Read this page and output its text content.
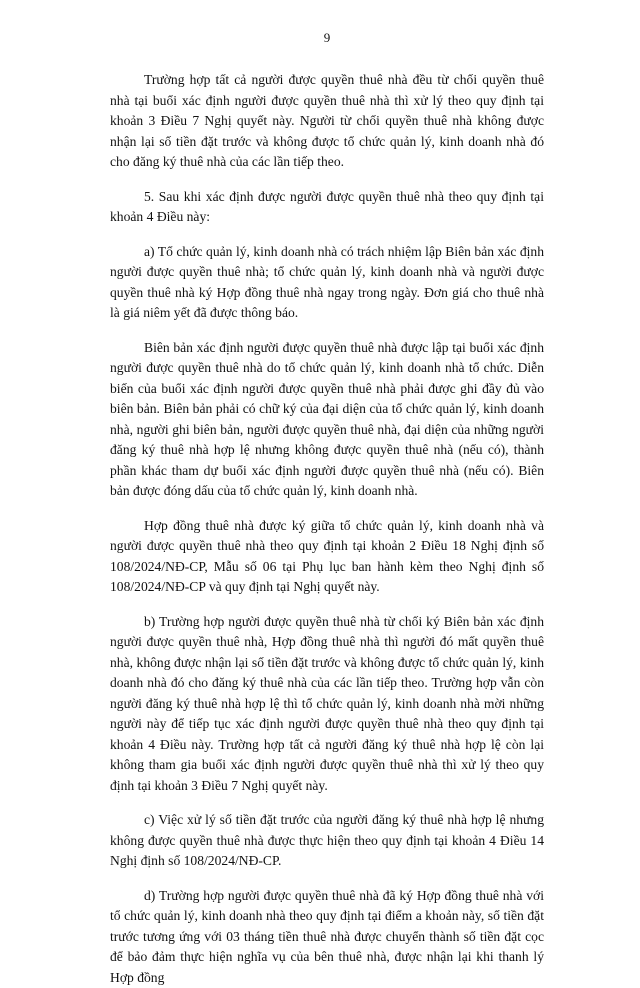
9

Trường hợp tất cả người được quyền thuê nhà đều từ chối quyền thuê nhà tại buổi xác định người được quyền thuê nhà thì xử lý theo quy định tại khoản 3 Điều 7 Nghị quyết này. Người từ chối quyền thuê nhà không được nhận lại số tiền đặt trước và không được tổ chức quản lý, kinh doanh nhà đó cho đăng ký thuê nhà của các lần tiếp theo.

5. Sau khi xác định được người được quyền thuê nhà theo quy định tại khoản 4 Điều này:

a) Tổ chức quản lý, kinh doanh nhà có trách nhiệm lập Biên bản xác định người được quyền thuê nhà; tổ chức quản lý, kinh doanh nhà và người được quyền thuê nhà ký Hợp đồng thuê nhà ngay trong ngày. Đơn giá cho thuê nhà là giá niêm yết đã được thông báo.

Biên bản xác định người được quyền thuê nhà được lập tại buổi xác định người được quyền thuê nhà do tổ chức quản lý, kinh doanh nhà tổ chức. Diễn biến của buổi xác định người được quyền thuê nhà phải được ghi đầy đủ vào biên bản. Biên bản phải có chữ ký của đại diện của tổ chức quản lý, kinh doanh nhà, người ghi biên bản, người được quyền thuê nhà, đại diện của những người đăng ký thuê nhà hợp lệ nhưng không được quyền thuê nhà (nếu có), thành phần khác tham dự buổi xác định người được quyền thuê nhà (nếu có). Biên bản được đóng dấu của tổ chức quản lý, kinh doanh nhà.

Hợp đồng thuê nhà được ký giữa tổ chức quản lý, kinh doanh nhà và người được quyền thuê nhà theo quy định tại khoản 2 Điều 18 Nghị định số 108/2024/NĐ-CP, Mẫu số 06 tại Phụ lục ban hành kèm theo Nghị định số 108/2024/NĐ-CP và quy định tại Nghị quyết này.

b) Trường hợp người được quyền thuê nhà từ chối ký Biên bản xác định người được quyền thuê nhà, Hợp đồng thuê nhà thì người đó mất quyền thuê nhà, không được nhận lại số tiền đặt trước và không được tổ chức quản lý, kinh doanh nhà đó cho đăng ký thuê nhà của các lần tiếp theo. Trường hợp vẫn còn người đăng ký thuê nhà hợp lệ thì tổ chức quản lý, kinh doanh nhà mời những người này để tiếp tục xác định người được quyền thuê nhà theo quy định tại khoản 4 Điều này. Trường hợp tất cả người đăng ký thuê nhà hợp lệ còn lại không tham gia buổi xác định người được quyền thuê nhà thì xử lý theo quy định tại khoản 3 Điều 7 Nghị quyết này.

c) Việc xử lý số tiền đặt trước của người đăng ký thuê nhà hợp lệ nhưng không được quyền thuê nhà được thực hiện theo quy định tại khoản 4 Điều 14 Nghị định số 108/2024/NĐ-CP.

d) Trường hợp người được quyền thuê nhà đã ký Hợp đồng thuê nhà với tổ chức quản lý, kinh doanh nhà theo quy định tại điểm a khoản này, số tiền đặt trước tương ứng với 03 tháng tiền thuê nhà được chuyển thành số tiền đặt cọc để bảo đảm thực hiện nghĩa vụ của bên thuê nhà, được nhận lại khi thanh lý Hợp đồng
